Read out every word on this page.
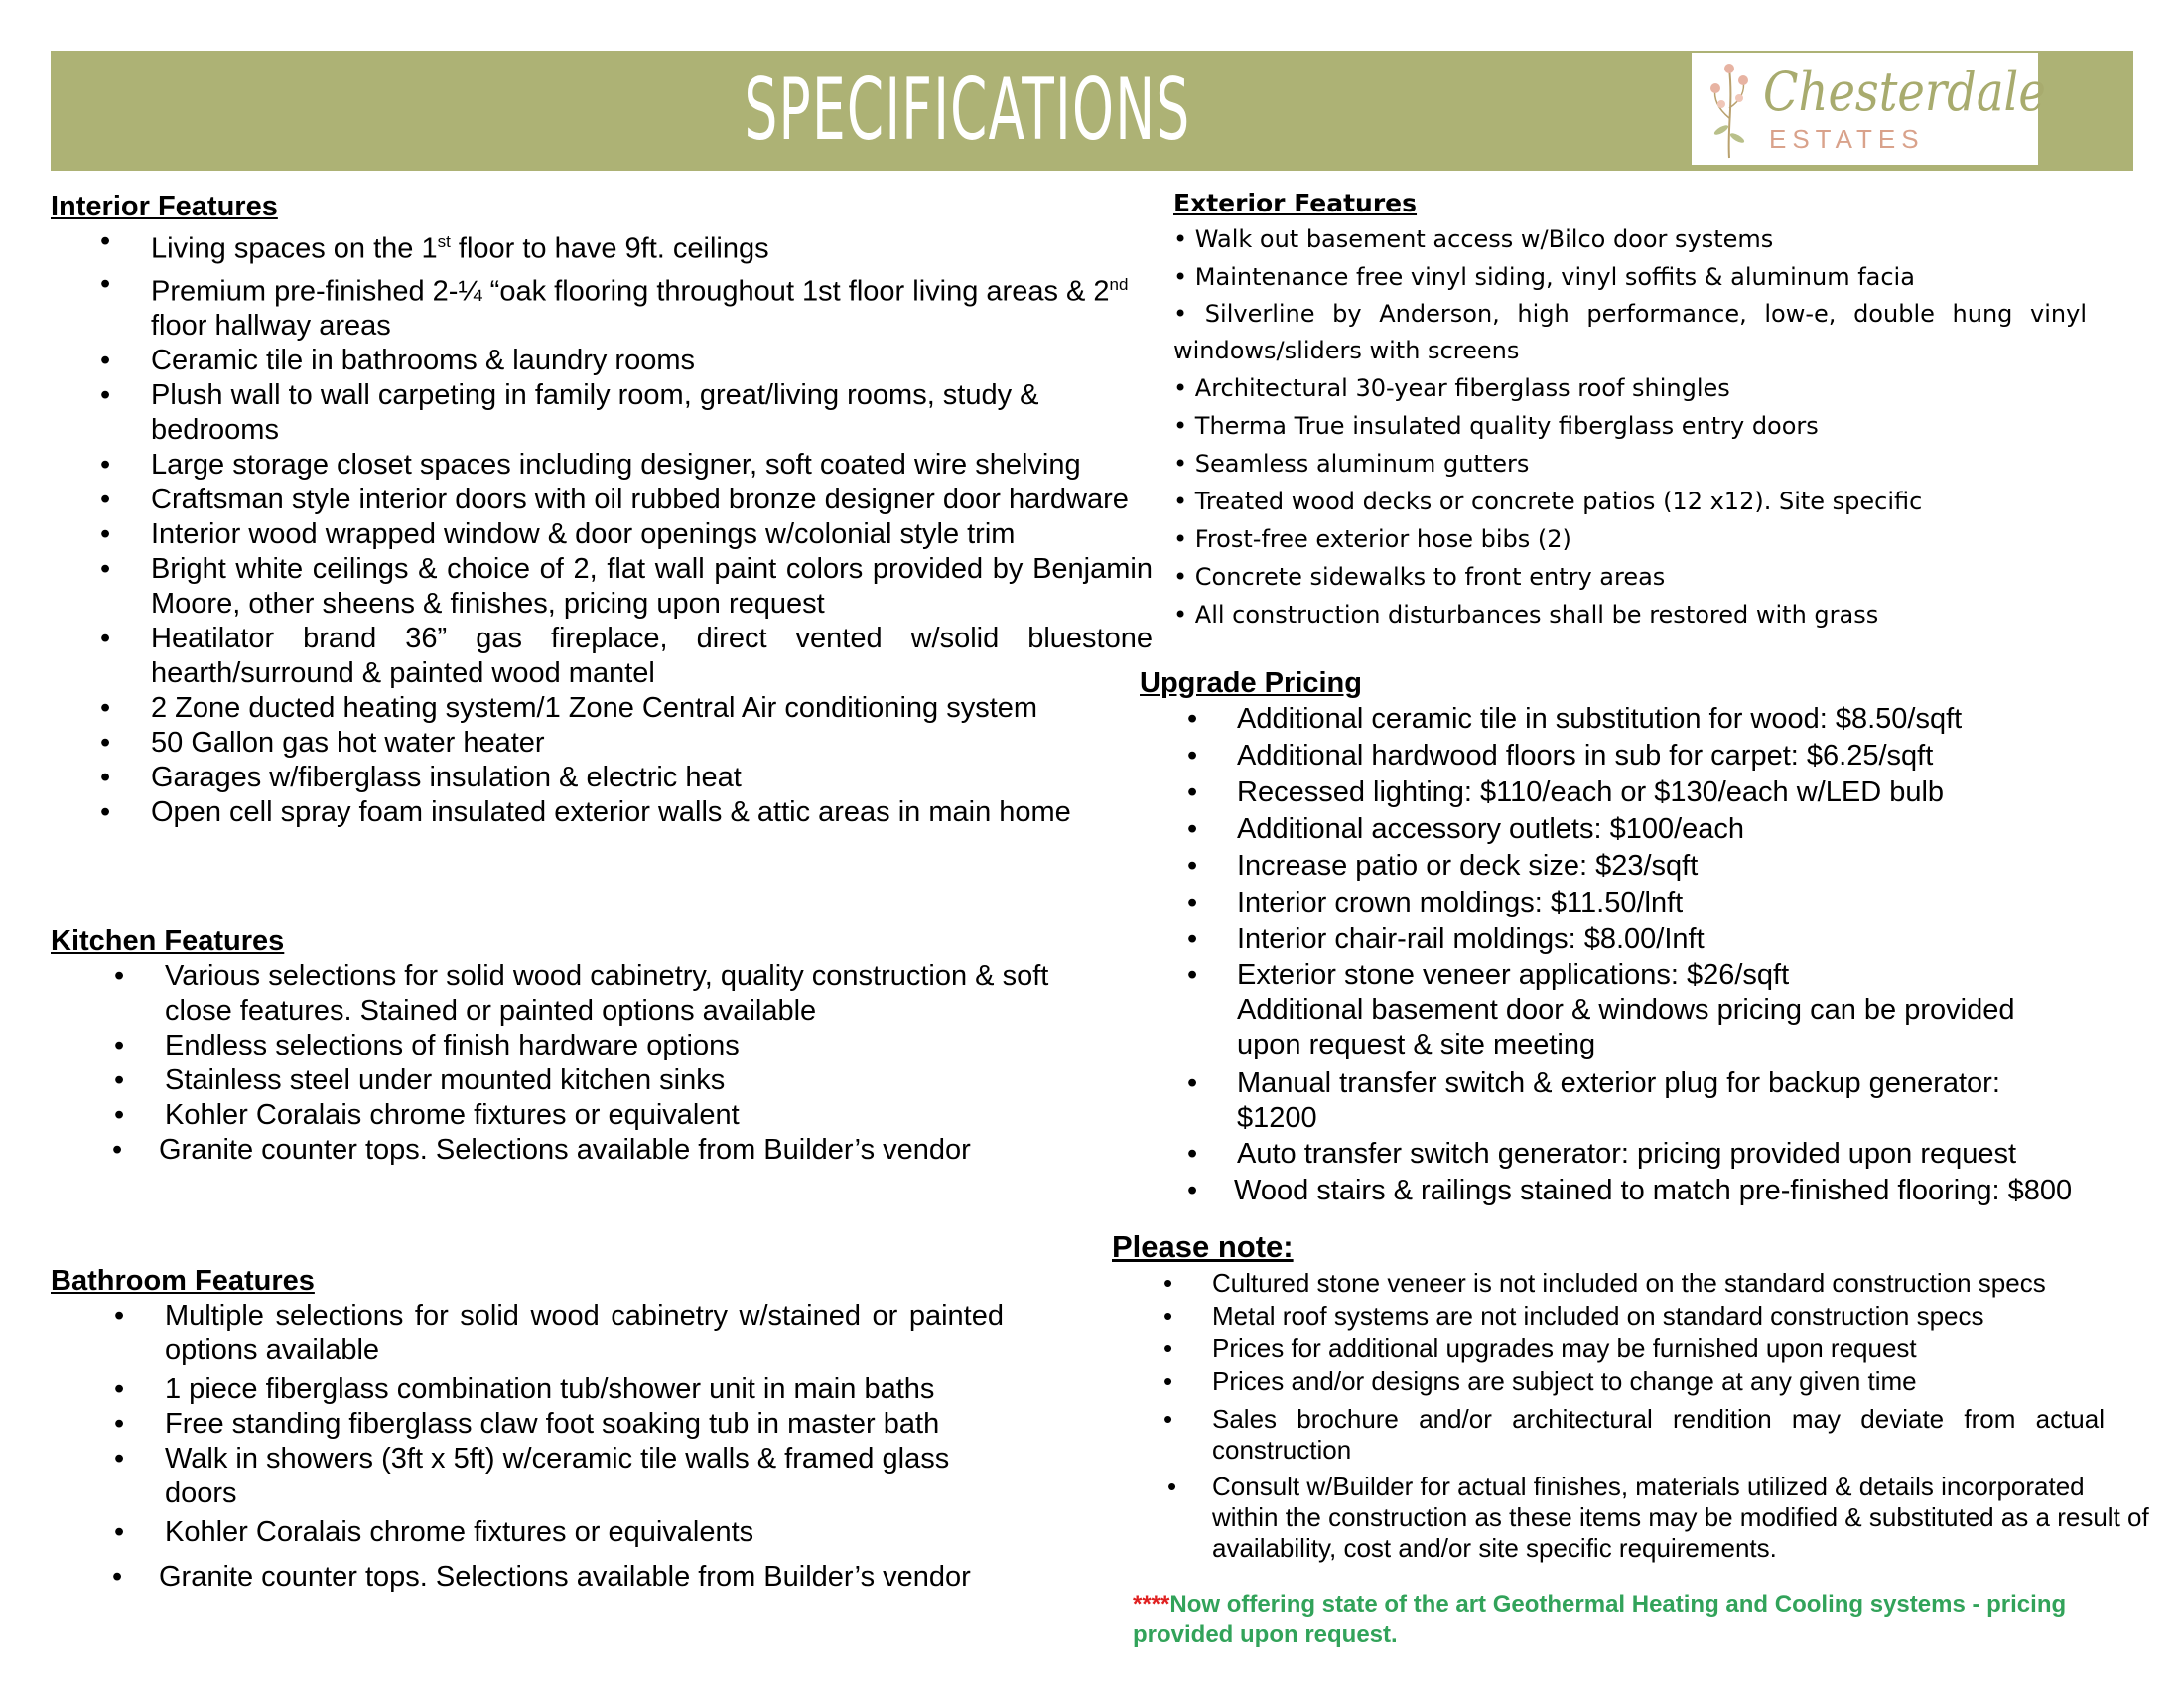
SPECIFICATIONS	Chesterdale
ESTATES

Interior Features

• Living spaces on the 1st floor to have 9ft. ceilings
• Premium pre-finished 2-¼ “oak flooring throughout 1st floor living areas & 2nd floor hallway areas
• Ceramic tile in bathrooms & laundry rooms
• Plush wall to wall carpeting in family room, great/living rooms, study & bedrooms
• Large storage closet spaces including designer, soft coated wire shelving
• Craftsman style interior doors with oil rubbed bronze designer door hardware
• Interior wood wrapped window & door openings w/colonial style trim
• Bright white ceilings & choice of 2, flat wall paint colors provided by Benjamin Moore, other sheens & finishes, pricing upon request
• Heatilator brand 36” gas fireplace, direct vented w/solid bluestone hearth/surround & painted wood mantel
• 2 Zone ducted heating system/1 Zone Central Air conditioning system
• 50 Gallon gas hot water heater
• Garages w/fiberglass insulation & electric heat
• Open cell spray foam insulated exterior walls & attic areas in main home

Kitchen Features

• Various selections for solid wood cabinetry, quality construction & soft close features. Stained or painted options available
• Endless selections of finish hardware options
• Stainless steel under mounted kitchen sinks
• Kohler Coralais chrome fixtures or equivalent
• Granite counter tops. Selections available from Builder’s vendor

Bathroom Features

• Multiple selections for solid wood cabinetry w/stained or painted options available
• 1 piece fiberglass combination tub/shower unit in main baths
• Free standing fiberglass claw foot soaking tub in master bath
• Walk in showers (3ft x 5ft) w/ceramic tile walls & framed glass doors
• Kohler Coralais chrome fixtures or equivalents
• Granite counter tops. Selections available from Builder’s vendor

Exterior Features

• Walk out basement access w/Bilco door systems
• Maintenance free vinyl siding, vinyl soffits & aluminum facia
• Silverline by Anderson, high performance, low-e, double hung vinyl windows/sliders with screens
• Architectural 30-year fiberglass roof shingles
• Therma True insulated quality fiberglass entry doors
• Seamless aluminum gutters
• Treated wood decks or concrete patios (12 x12). Site specific
• Frost-free exterior hose bibs (2)
• Concrete sidewalks to front entry areas
• All construction disturbances shall be restored with grass

Upgrade Pricing

• Additional ceramic tile in substitution for wood: $8.50/sqft
• Additional hardwood floors in sub for carpet: $6.25/sqft
• Recessed lighting: $110/each or $130/each w/LED bulb
• Additional accessory outlets: $100/each
• Increase patio or deck size: $23/sqft
• Interior crown moldings: $11.50/lnft
• Interior chair-rail moldings: $8.00/Inft
• Exterior stone veneer applications: $26/sqft
Additional basement door & windows pricing can be provided upon request & site meeting
• Manual transfer switch & exterior plug for backup generator: $1200
• Auto transfer switch generator: pricing provided upon request
• Wood stairs & railings stained to match pre-finished flooring: $800

Please note:

• Cultured stone veneer is not included on the standard construction specs
• Metal roof systems are not included on standard construction specs
• Prices for additional upgrades may be furnished upon request
• Prices and/or designs are subject to change at any given time
• Sales brochure and/or architectural rendition may deviate from actual construction
• Consult w/Builder for actual finishes, materials utilized & details incorporated within the construction as these items may be modified & substituted as a result of availability, cost and/or site specific requirements.
****Now offering state of the art Geothermal Heating and Cooling systems - pricing provided upon request.
